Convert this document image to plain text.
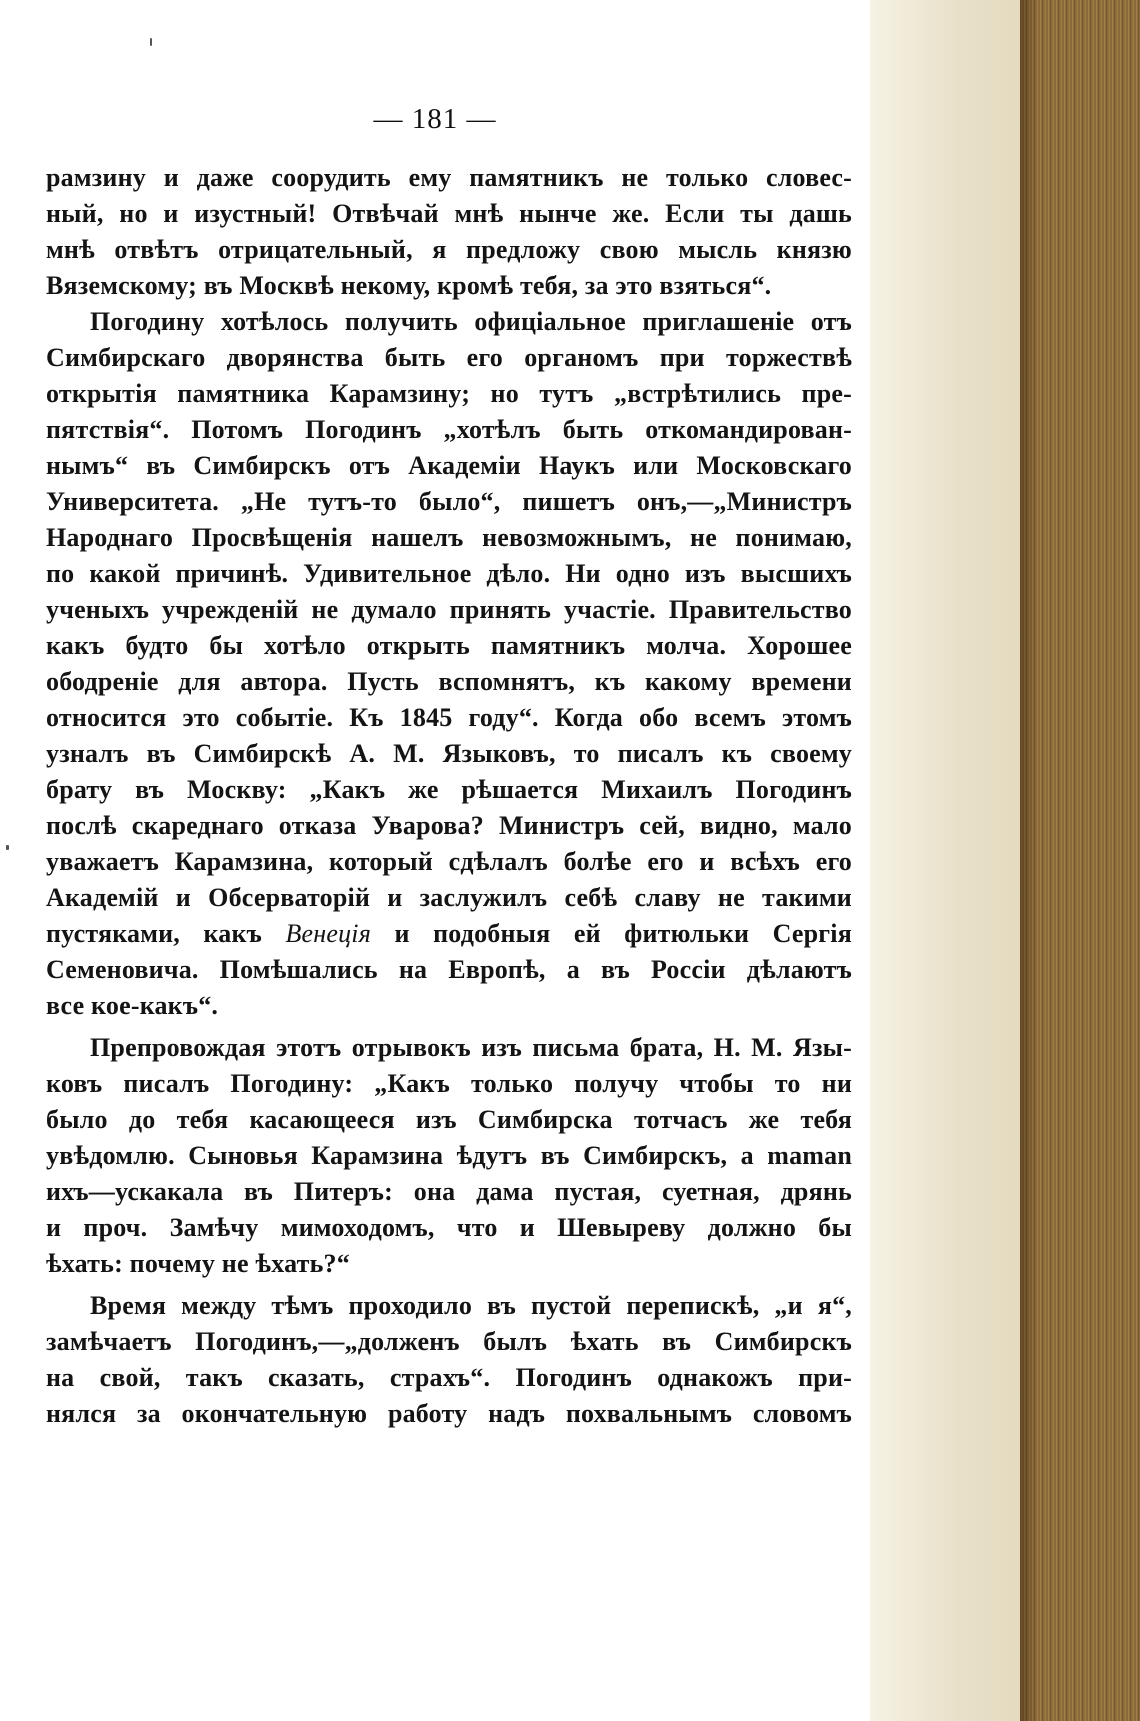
— 181 —
рамзину и даже соорудить ему памятникъ не только словес-
ный, но и изустный! Отвѣчай мнѣ нынче же. Если ты дашь
мнѣ отвѣтъ отрицательный, я предложу свою мысль князю
Вяземскому; въ Москвѣ некому, кромѣ тебя, за это взяться“.
Погодину хотѣлось получить офиціальное приглашеніе отъ
Симбирскаго дворянства быть его органомъ при торжествѣ
открытія памятника Карамзину; но тутъ „встрѣтились пре-
пятствія“. Потомъ Погодинъ „хотѣлъ быть откомандирован-
нымъ“ въ Симбирскъ отъ Академіи Наукъ или Московскаго
Университета. „Не тутъ-то было“, пишетъ онъ,—„Министръ
Народнаго Просвѣщенія нашелъ невозможнымъ, не понимаю,
по какой причинѣ. Удивительное дѣло. Ни одно изъ высшихъ
ученыхъ учрежденій не думало принять участіе. Правительство
какъ будто бы хотѣло открыть памятникъ молча. Хорошее
ободреніе для автора. Пусть вспомнятъ, къ какому времени
относится это событіе. Къ 1845 году“. Когда обо всемъ этомъ
узналъ въ Симбирскѣ А. М. Языковъ, то писалъ къ своему
брату въ Москву: „Какъ же рѣшается Михаилъ Погодинъ
послѣ скареднаго отказа Уварова? Министръ сей, видно, мало
уважаетъ Карамзина, который сдѣлалъ болѣе его и всѣхъ его
Академій и Обсерваторій и заслужилъ себѣ славу не такими
пустяками, какъ Венеція и подобныя ей фитюльки Сергія
Семеновича. Помѣшались на Европѣ, а въ Россіи дѣлаютъ
все кое-какъ“.
Препровождая этотъ отрывокъ изъ письма брата, Н. М. Язы-
ковъ писалъ Погодину: „Какъ только получу чтобы то ни
было до тебя касающееся изъ Симбирска тотчасъ же тебя
увѣдомлю. Сыновья Карамзина ѣдутъ въ Симбирскъ, а maman
ихъ—ускакала въ Питеръ: она дама пустая, суетная, дрянь
и проч. Замѣчу мимоходомъ, что и Шевыреву должно бы
ѣхать: почему не ѣхать?“
Время между тѣмъ проходило въ пустой перепискѣ, „и я“,
замѣчаетъ Погодинъ,—„долженъ былъ ѣхать въ Симбирскъ
на свой, такъ сказать, страхъ“. Погодинъ однакожъ при-
нялся за окончательную работу надъ похвальнымъ словомъ
